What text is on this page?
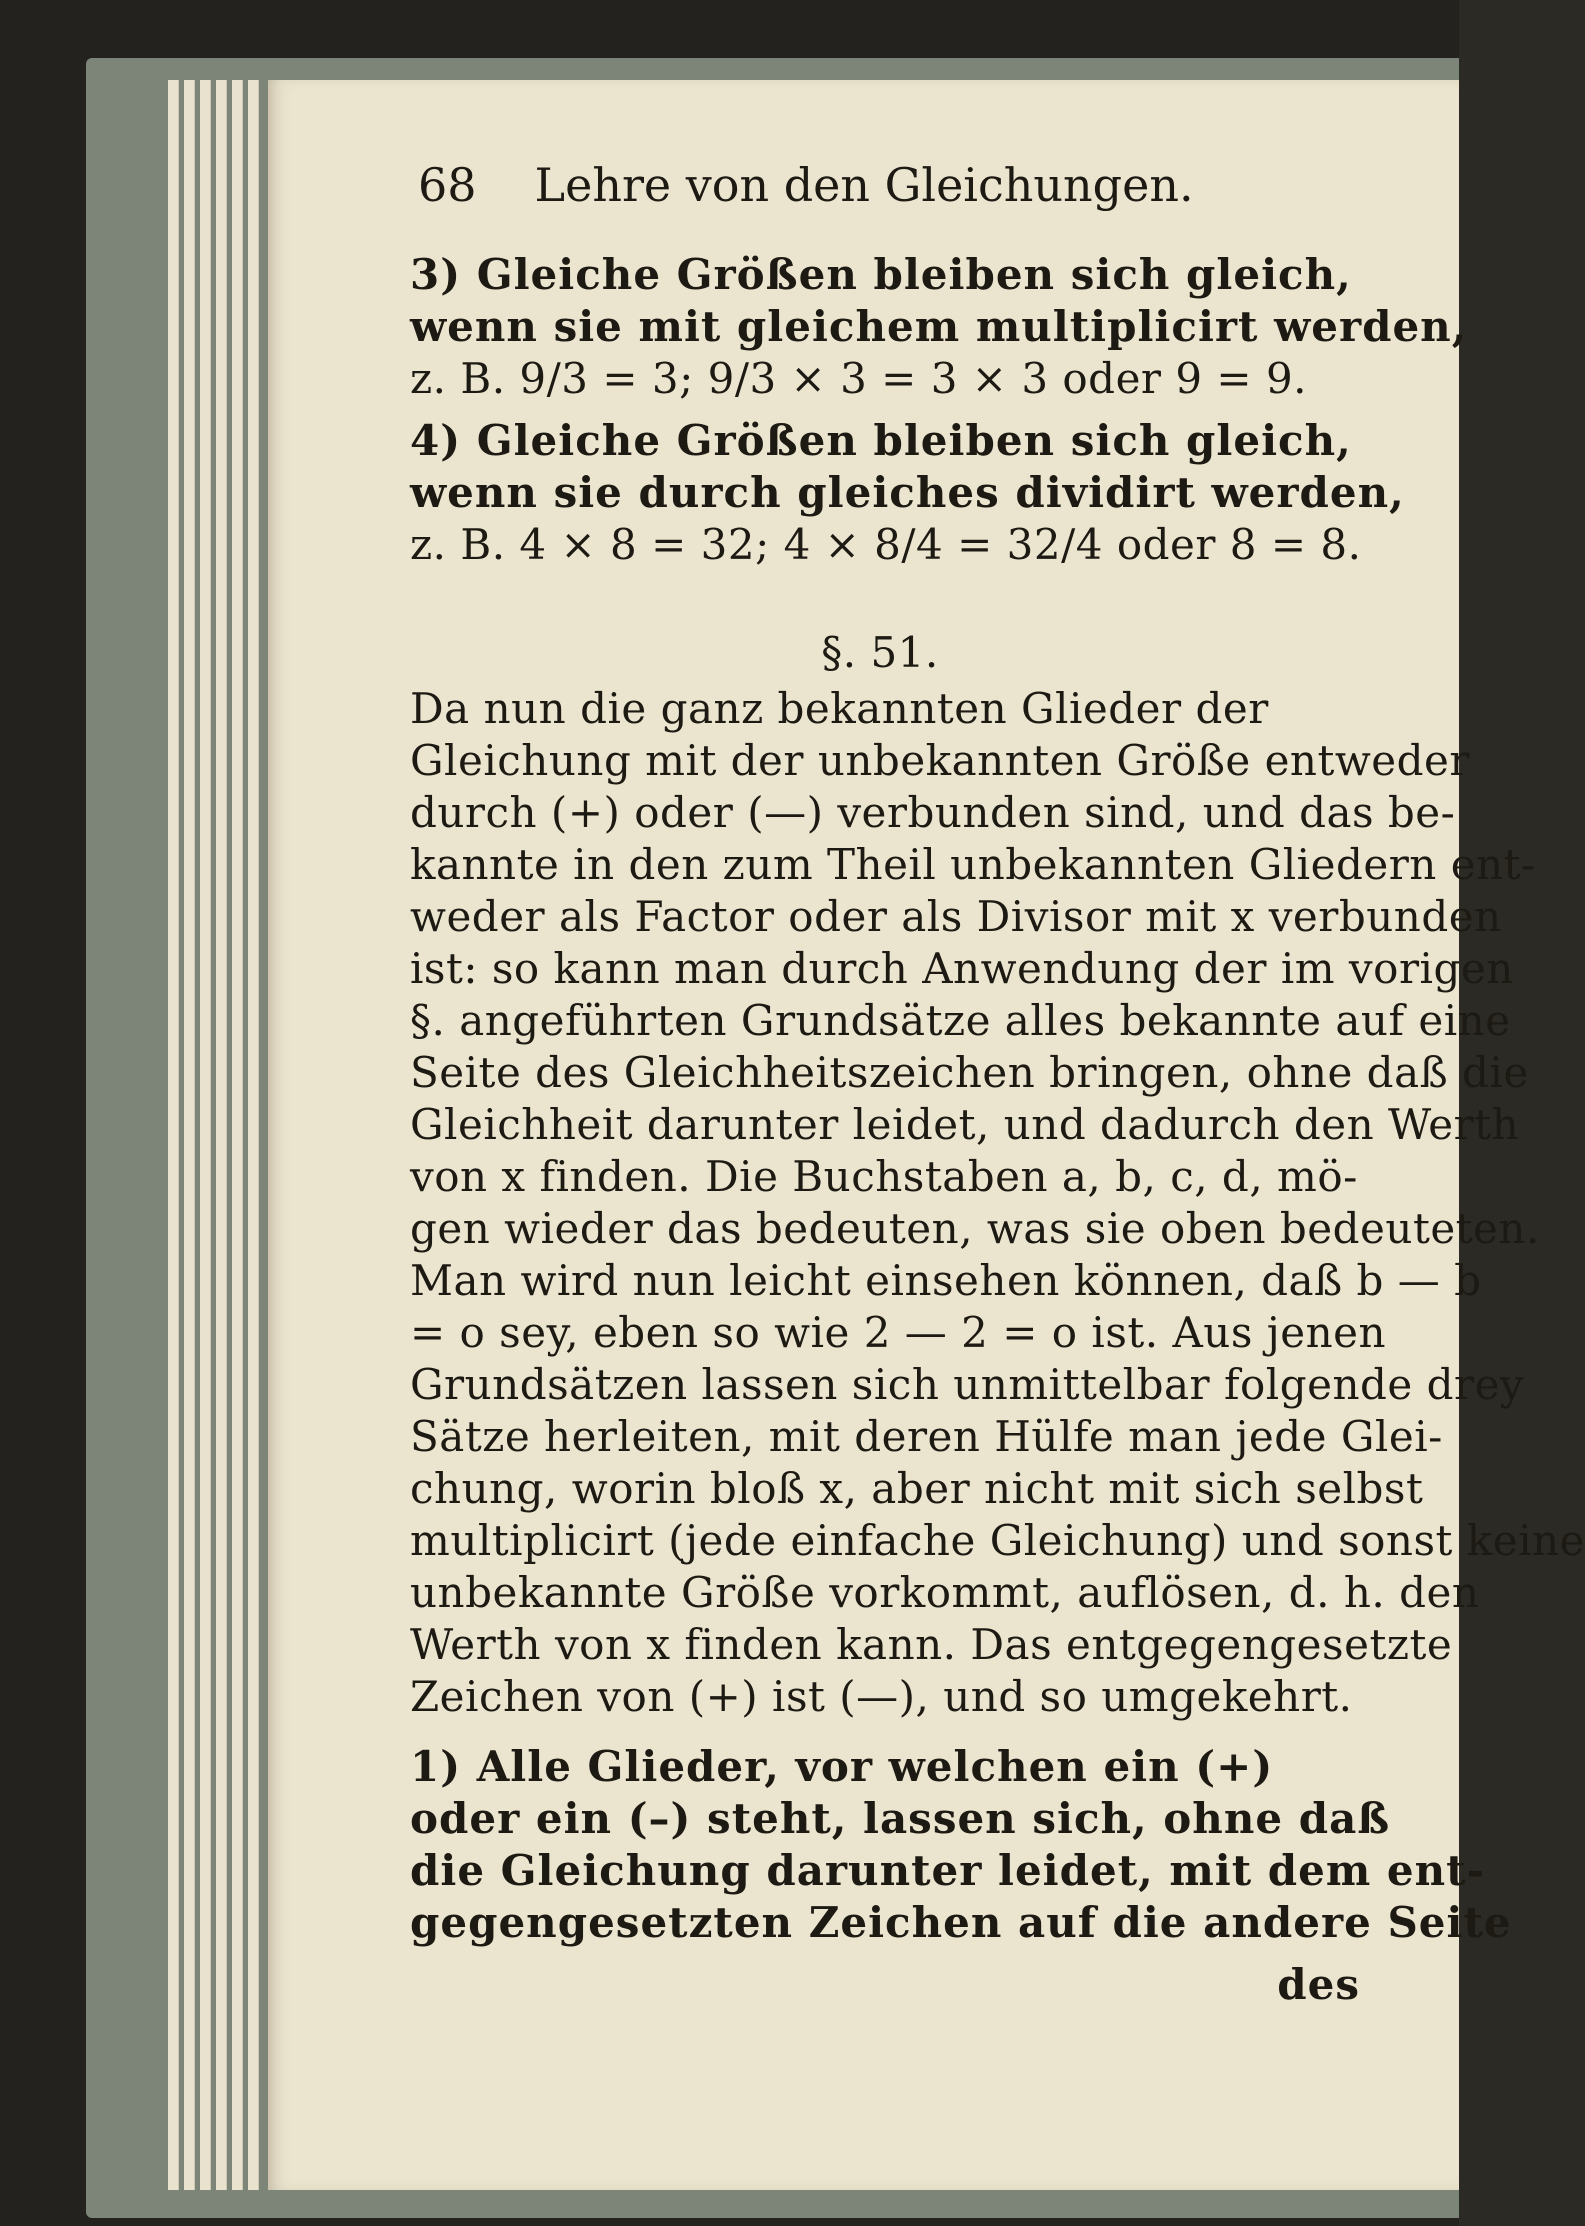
68 Lehre von den Gleichungen.
3) Gleiche Größen bleiben sich gleich,
wenn sie mit gleichem multiplicirt werden,
z. B. 9/3 = 3; 9/3 × 3 = 3 × 3 oder 9 = 9.
4) Gleiche Größen bleiben sich gleich,
wenn sie durch gleiches dividirt werden,
z. B. 4 × 8 = 32; 4 × 8/4 = 32/4 oder 8 = 8.
§. 51.
Da nun die ganz bekannten Glieder der
Gleichung mit der unbekannten Größe entweder
durch (+) oder (—) verbunden sind, und das be-
kannte in den zum Theil unbekannten Gliedern ent-
weder als Factor oder als Divisor mit x verbunden
ist: so kann man durch Anwendung der im vorigen
§. angeführten Grundsätze alles bekannte auf eine
Seite des Gleichheitszeichen bringen, ohne daß die
Gleichheit darunter leidet, und dadurch den Werth
von x finden. Die Buchstaben a, b, c, d, mö-
gen wieder das bedeuten, was sie oben bedeuteten.
Man wird nun leicht einsehen können, daß b — b
= o sey, eben so wie 2 — 2 = o ist. Aus jenen
Grundsätzen lassen sich unmittelbar folgende drey
Sätze herleiten, mit deren Hülfe man jede Glei-
chung, worin bloß x, aber nicht mit sich selbst
multiplicirt (jede einfache Gleichung) und sonst keine
unbekannte Größe vorkommt, auflösen, d. h. den
Werth von x finden kann. Das entgegengesetzte
Zeichen von (+) ist (—), und so umgekehrt.
1) Alle Glieder, vor welchen ein (+)
oder ein (–) steht, lassen sich, ohne daß
die Gleichung darunter leidet, mit dem ent-
gegengesetzten Zeichen auf die andere Seite
des
